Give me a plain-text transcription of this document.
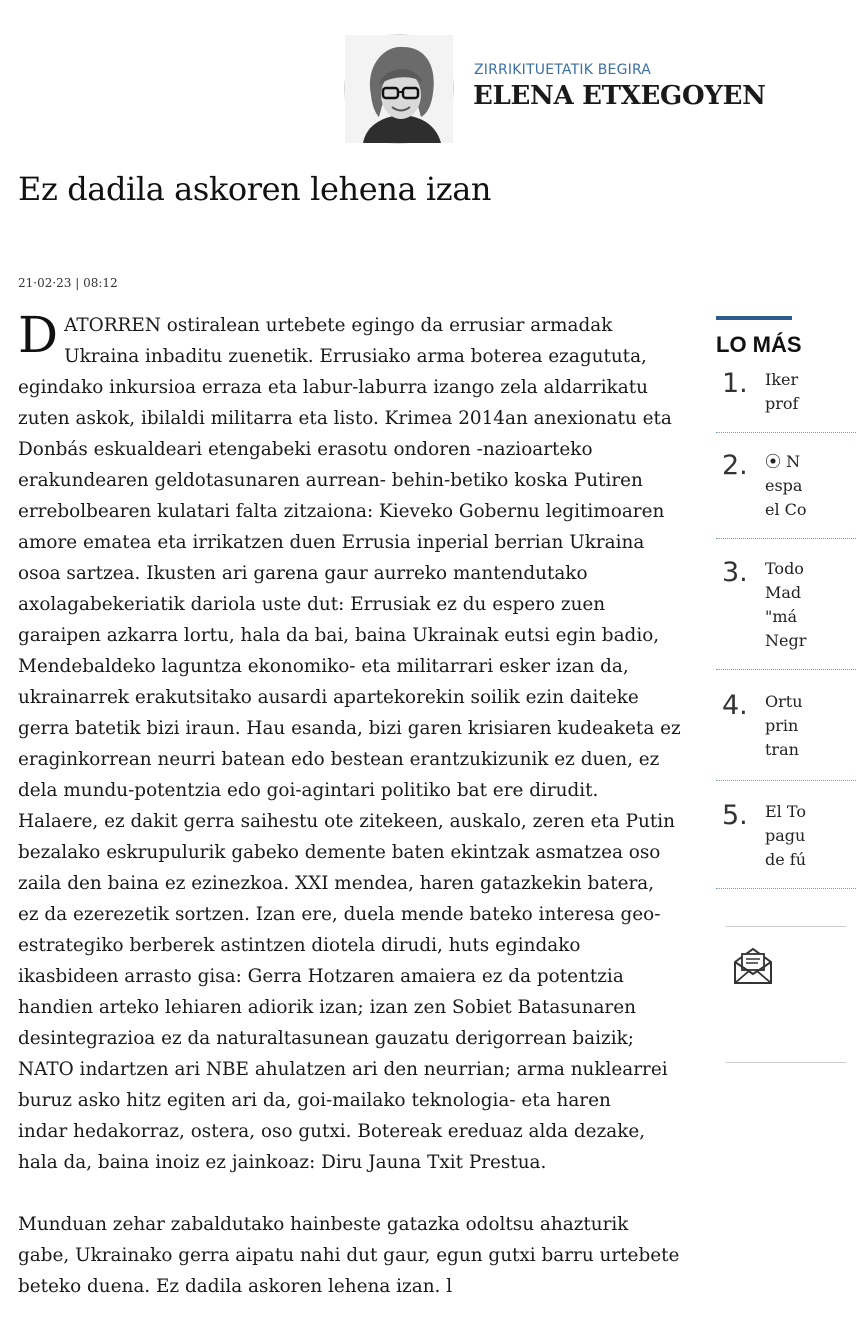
ZIRRIKITUETATIK BEGIRA
ELENA ETXEGOYEN
Ez dadila askoren lehena izan
21·02·23 | 08:12

DATORREN ostiralean urtebete egingo da errusiar armadak
Ukraina inbaditu zuenetik. Errusiako arma boterea ezagututa,
egindako inkursioa erraza eta labur-laburra izango zela aldarrikatu
zuten askok, ibilaldi militarra eta listo. Krimea 2014an anexionatu eta
Donbás eskualdeari etengabeki erasotu ondoren -nazioarteko
erakundearen geldotasunaren aurrean- behin-betiko koska Putiren
errebolbearen kulatari falta zitzaiona: Kieveko Gobernu legitimoaren
amore ematea eta irrikatzen duen Errusia inperial berrian Ukraina
osoa sartzea. Ikusten ari garena gaur aurreko mantendutako
axolagabekeriatik dariola uste dut: Errusiak ez du espero zuen
garaipen azkarra lortu, hala da bai, baina Ukrainak eutsi egin badio,
Mendebaldeko laguntza ekonomiko- eta militarrari esker izan da,
ukrainarrek erakutsitako ausardi apartekorekin soilik ezin daiteke
gerra batetik bizi iraun. Hau esanda, bizi garen krisiaren kudeaketa ez
eraginkorrean neurri batean edo bestean erantzukizunik ez duen, ez
dela mundu-potentzia edo goi-agintari politiko bat ere dirudit.
Halaere, ez dakit gerra saihestu ote zitekeen, auskalo, zeren eta Putin
bezalako eskrupulurik gabeko demente baten ekintzak asmatzea oso
zaila den baina ez ezinezkoa. XXI mendea, haren gatazkekin batera,
ez da ezerezetik sortzen. Izan ere, duela mende bateko interesa geo-
estrategiko berberek astintzen diotela dirudi, huts egindako
ikasbideen arrasto gisa: Gerra Hotzaren amaiera ez da potentzia
handien arteko lehiaren adiorik izan; izan zen Sobiet Batasunaren
desintegrazioa ez da naturaltasunean gauzatu derigorrean baizik;
NATO indartzen ari NBE ahulatzen ari den neurrian; arma nuklearrei
buruz asko hitz egiten ari da, goi-mailako teknologia- eta haren
indar hedakorraz, ostera, oso gutxi. Botereak ereduaz alda dezake,
hala da, baina inoiz ez jainkoaz: Diru Jauna Txit Prestua.

Munduan zehar zabaldutako hainbeste gatazka odoltsu ahazturik
gabe, Ukrainako gerra aipatu nahi dut gaur, egun gutxi barru urtebete
beteko duena. Ez dadila askoren lehena izan. l

LO MÁS
1. Iker
prof
2. ⦿ N
espa
el Co
3. Todo
Mad
"má
Negr
4. Ortu
prin
tran
5. El To
pagu
de fú
